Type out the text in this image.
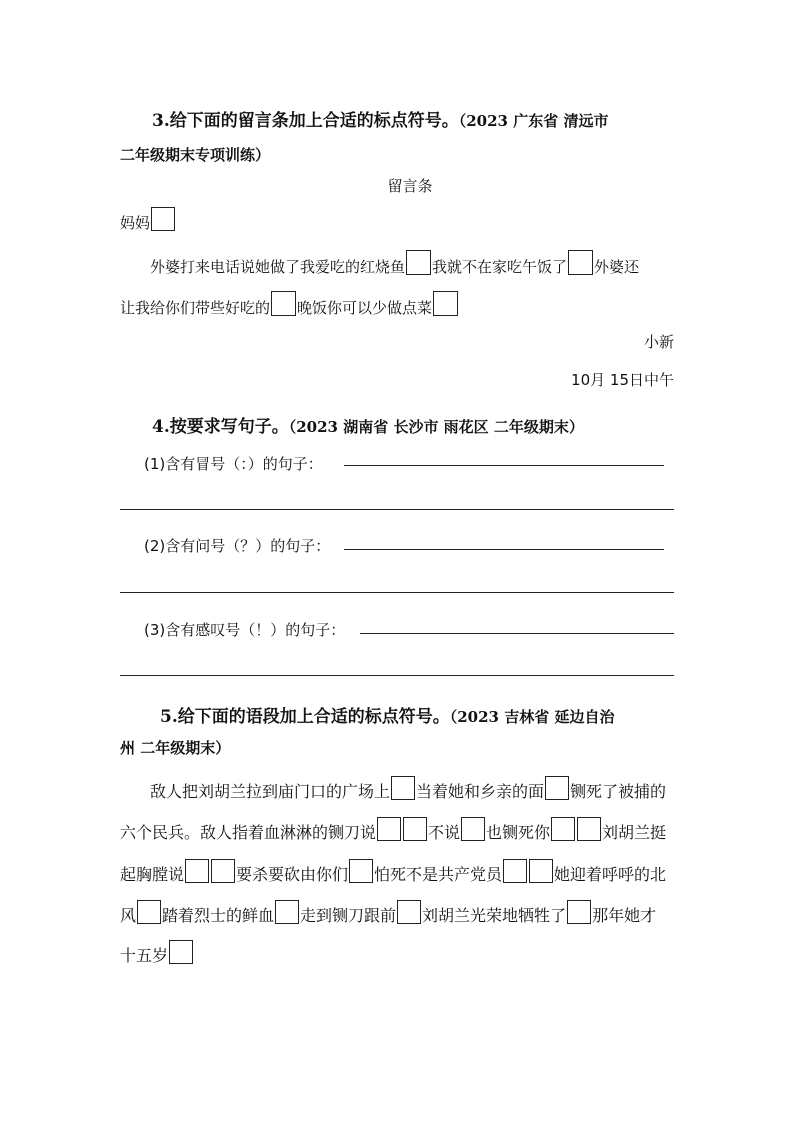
3.给下面的留言条加上合适的标点符号。（2023 广东省 清远市
二年级期末专项训练）
留言条
妈妈
外婆打来电话说她做了我爱吃的红烧鱼 我就不在家吃午饭了 外婆还
让我给你们带些好吃的 晚饭你可以少做点菜
小新
10月 15日中午
4.按要求写句子。（2023 湖南省 长沙市 雨花区 二年级期末）
(1)含有冒号（：）的句子：
(2)含有问号（？）的句子：
(3)含有感叹号（！）的句子：
5.给下面的语段加上合适的标点符号。（2023 吉林省 延边自治
州 二年级期末）
敌人把刘胡兰拉到庙门口的广场上 当着她和乡亲的面 铡死了被捕的
六个民兵。敌人指着血淋淋的铡刀说	不说 也铡死你	刘胡兰挺
起胸膛说	要杀要砍由你们 怕死不是共产党员	她迎着呼呼的北
风 踏着烈士的鲜血 走到铡刀跟前 刘胡兰光荣地牺牲了 那年她才
十五岁
